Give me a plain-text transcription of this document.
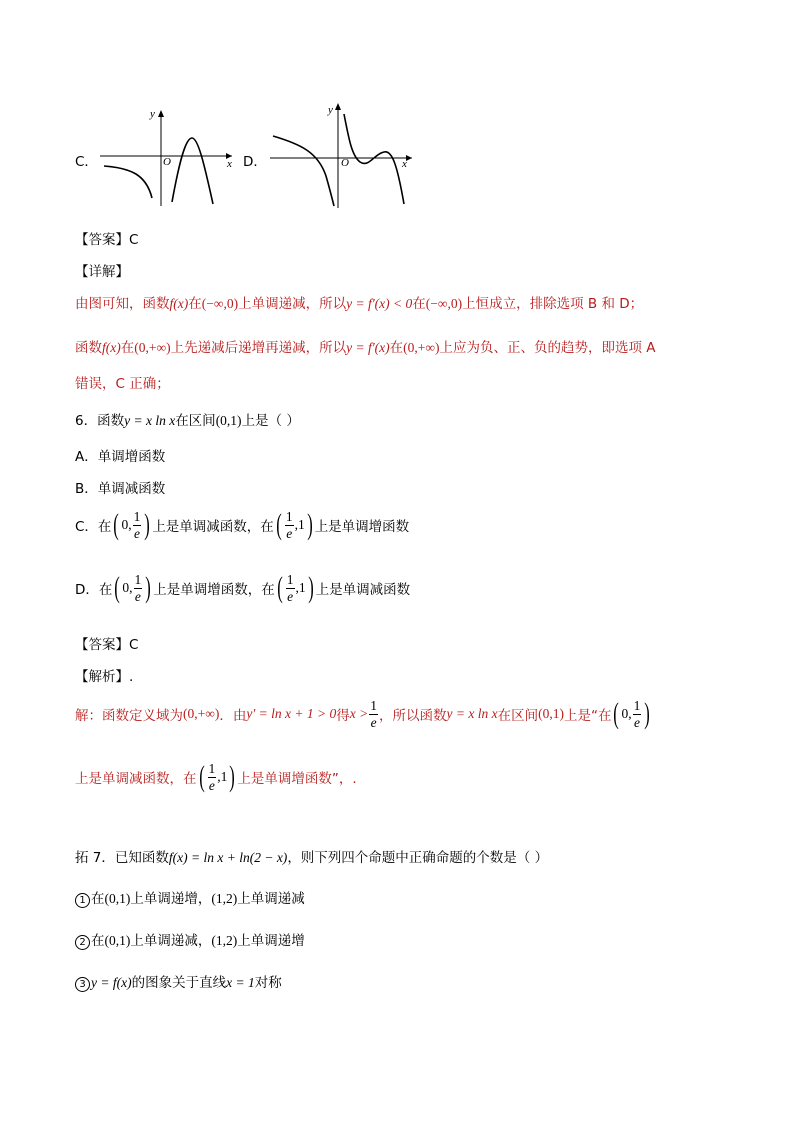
C．
y
O	x D．
y
O	x
【答案】C
【详解】
由图可知，函数f(x)在(−∞,0)上单调递减，所以y = f′(x) < 0在(−∞,0)上恒成立，排除选项 B 和 D；
函数f(x)在(0,+∞)上先递减后递增再递减，所以y = f′(x)在(0,+∞)上应为负、正、负的趋势，即选项 A
错误，C 正确；
6．函数y = x ln x在区间(0,1)上是（ ）
A．单调增函数
B．单调减函数
C．在 ( 0, $\frac{1}{e}$ ) 上是单调减函数，在 ( $\frac{1}{e} ,1$ ) 上是单调增函数
D．在 ( 0, $\frac{1}{e}$ ) 上是单调增函数，在 ( $\frac{1}{e} ,1$ ) 上是单调减函数
【答案】C
【解析】.
解：函数定义域为 (0,+∞) ．由 y′ = ln x + 1 > 0 得 $x > \frac{1}{e}$ ，所以函数 y = x ln x 在区间 (0,1) 上是“在 ( 0, $\frac{1}{e}$ )
上是单调减函数，在 ( $\frac{1}{e} ,1$ ) 上是单调增函数”，.
拓 7．已知函数f(x) = ln x + ln(2 − x)，则下列四个命题中正确命题的个数是（ ）
1 在(0,1)上单调递增，(1,2)上单调递减
2 在(0,1)上单调递减，(1,2)上单调递增
3 y = f(x)的图象关于直线x = 1对称
